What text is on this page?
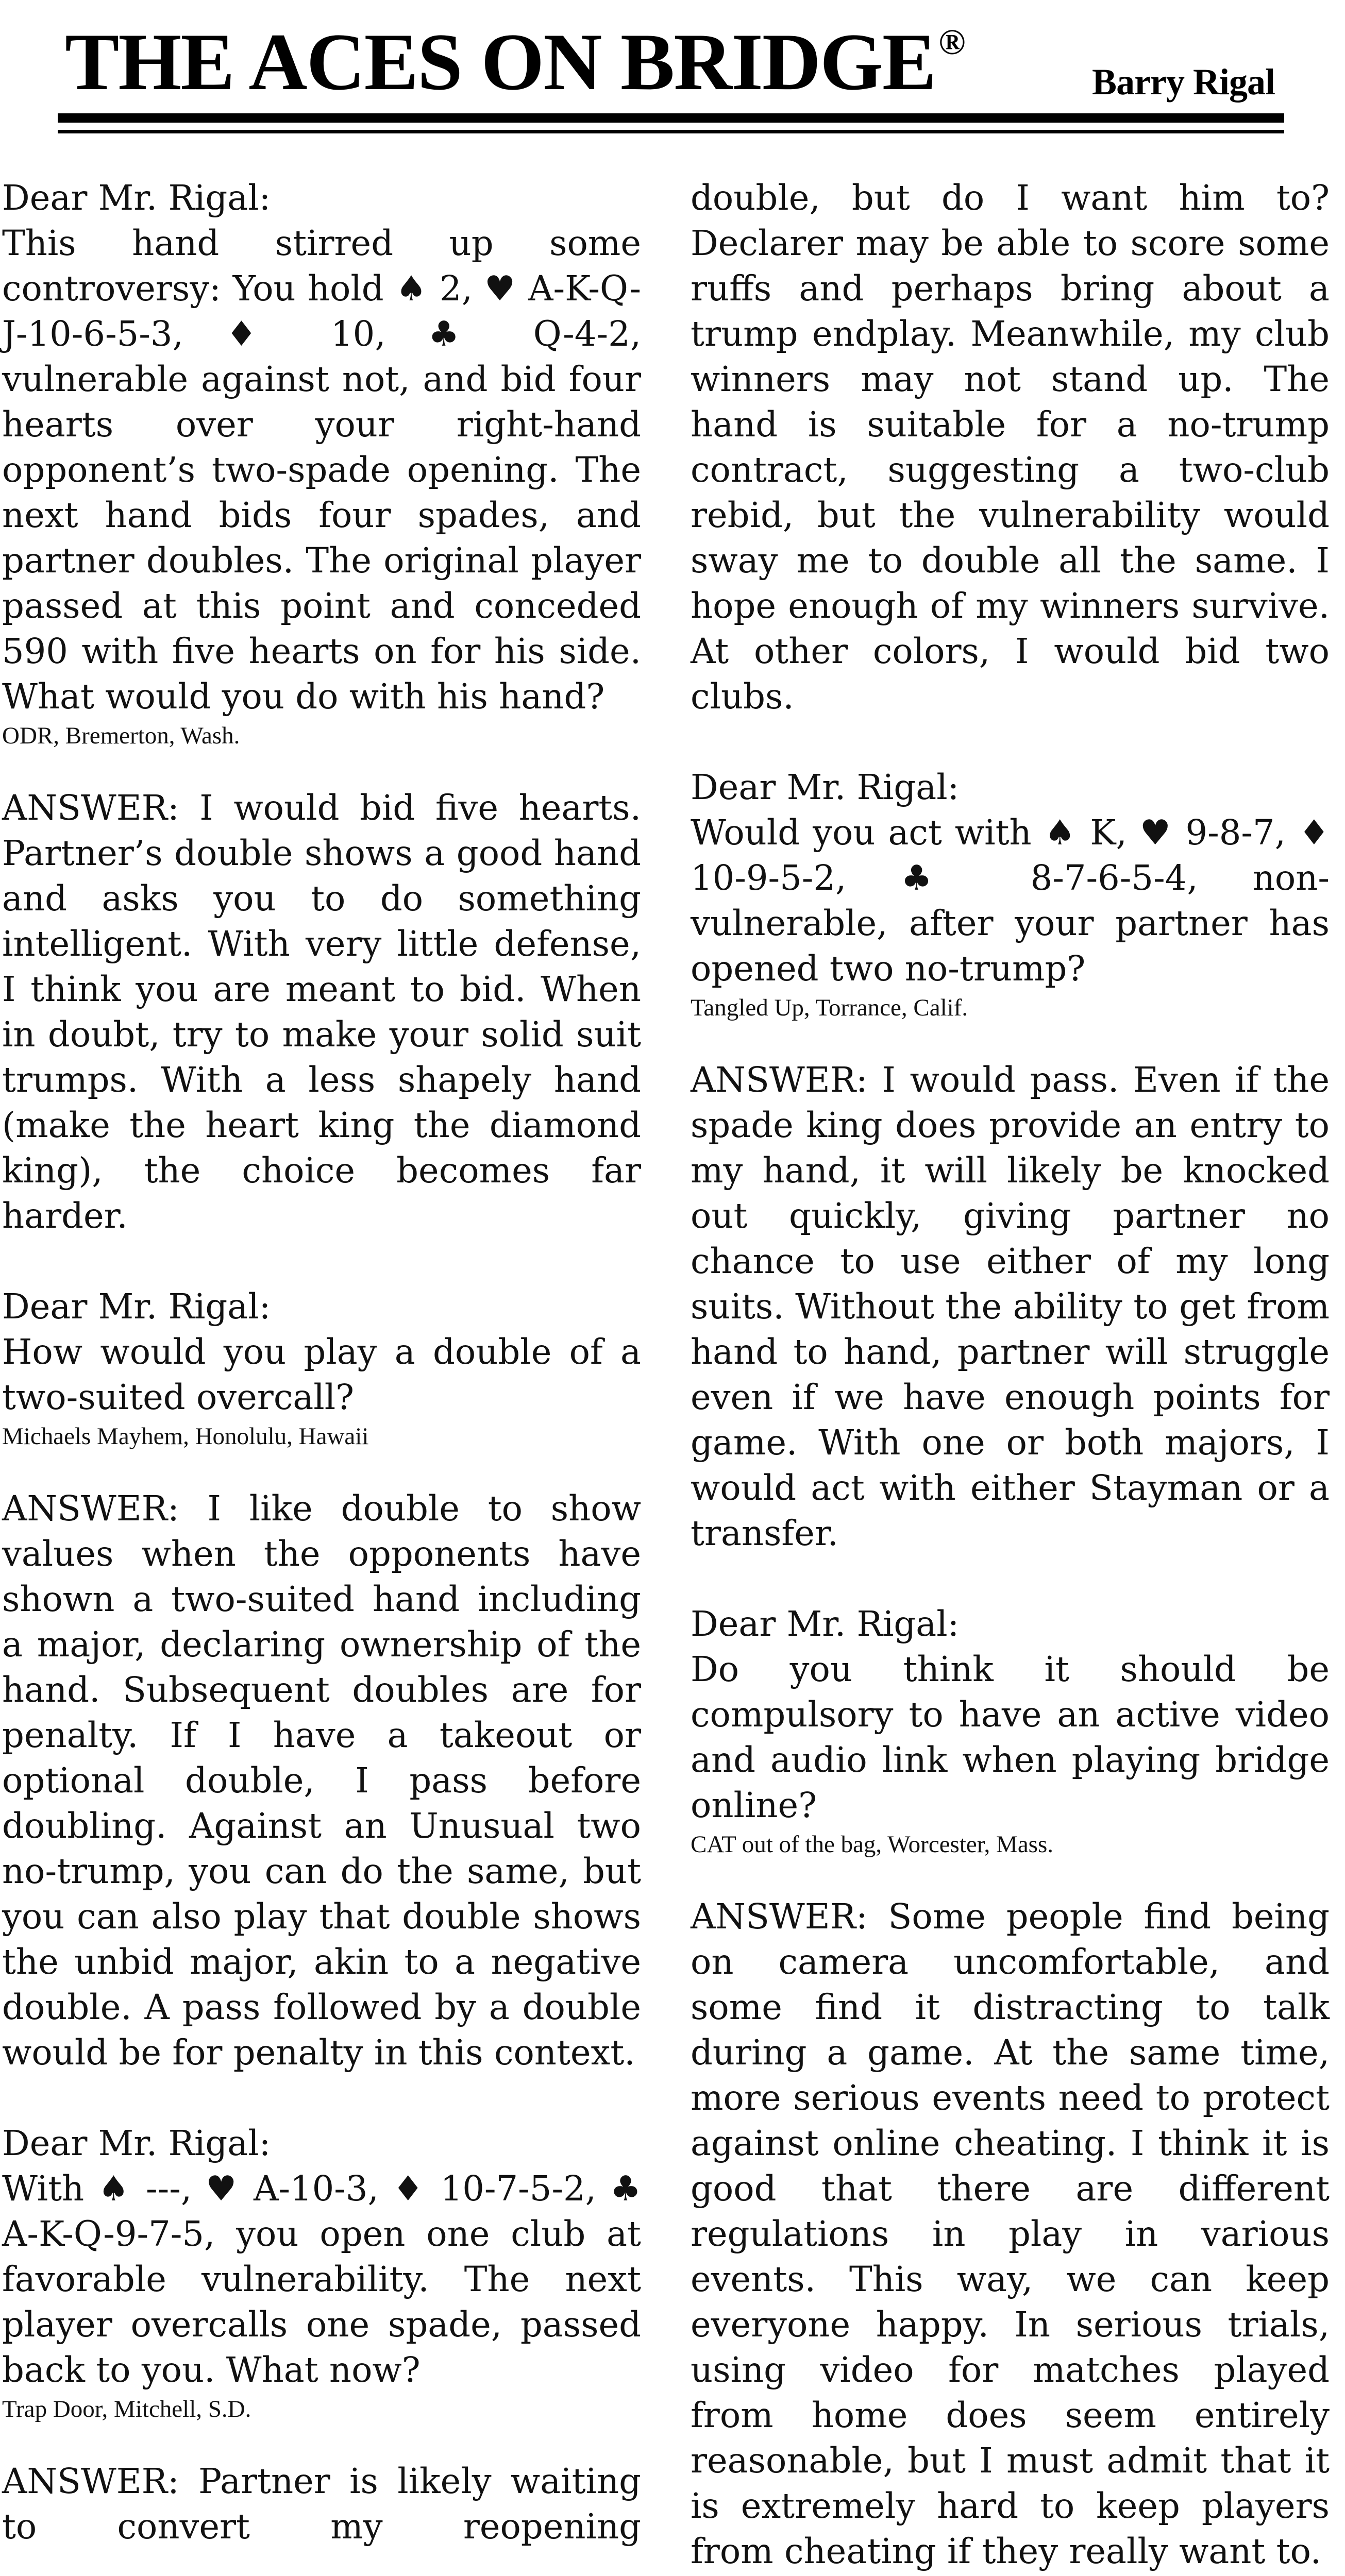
THE ACES ON BRIDGE®
Barry Rigal

Dear Mr. Rigal:

This hand stirred up some controversy: You hold ♠ 2, ♥ A-K-Q-J-10-6-5-3, ♦ 10, ♣ Q-4-2, vulnerable against not, and bid four hearts over your right-hand opponent’s two-spade opening. The next hand bids four spades, and partner doubles. The original player passed at this point and conceded 590 with five hearts on for his side. What would you do with his hand?

ODR, Bremerton, Wash.

ANSWER: I would bid five hearts. Partner’s double shows a good hand and asks you to do something intelligent. With very little defense, I think you are meant to bid. When in doubt, try to make your solid suit trumps. With a less shapely hand (make the heart king the diamond king), the choice becomes far harder.

Dear Mr. Rigal:

How would you play a double of a two-suited overcall?

Michaels Mayhem, Honolulu, Hawaii

ANSWER: I like double to show values when the opponents have shown a two-suited hand including a major, declaring ownership of the hand. Subsequent doubles are for penalty. If I have a takeout or optional double, I pass before doubling. Against an Unusual two no-trump, you can do the same, but you can also play that double shows the unbid major, akin to a negative double. A pass followed by a double would be for penalty in this context.

Dear Mr. Rigal:

With ♠ ---, ♥ A-10-3, ♦ 10-7-5-2, ♣ A-K-Q-9-7-5, you open one club at favorable vulnerability. The next player overcalls one spade, passed back to you. What now?

Trap Door, Mitchell, S.D.

ANSWER: Partner is likely waiting to convert my reopening

double, but do I want him to? Declarer may be able to score some ruffs and perhaps bring about a trump endplay. Meanwhile, my club winners may not stand up. The hand is suitable for a no-trump contract, suggesting a two-club rebid, but the vulnerability would sway me to double all the same. I hope enough of my winners survive. At other colors, I would bid two clubs.

Dear Mr. Rigal:

Would you act with ♠ K, ♥ 9-8-7, ♦ 10-9-5-2, ♣ 8-7-6-5-4, non-vulnerable, after your partner has opened two no-trump?

Tangled Up, Torrance, Calif.

ANSWER: I would pass. Even if the spade king does provide an entry to my hand, it will likely be knocked out quickly, giving partner no chance to use either of my long suits. Without the ability to get from hand to hand, partner will struggle even if we have enough points for game. With one or both majors, I would act with either Stayman or a transfer.

Dear Mr. Rigal:

Do you think it should be compulsory to have an active video and audio link when playing bridge online?

CAT out of the bag, Worcester, Mass.

ANSWER: Some people find being on camera uncomfortable, and some find it distracting to talk during a game. At the same time, more serious events need to protect against online cheating. I think it is good that there are different regulations in play in various events. This way, we can keep everyone happy. In serious trials, using video for matches played from home does seem entirely reasonable, but I must admit that it is extremely hard to keep players from cheating if they really want to.
